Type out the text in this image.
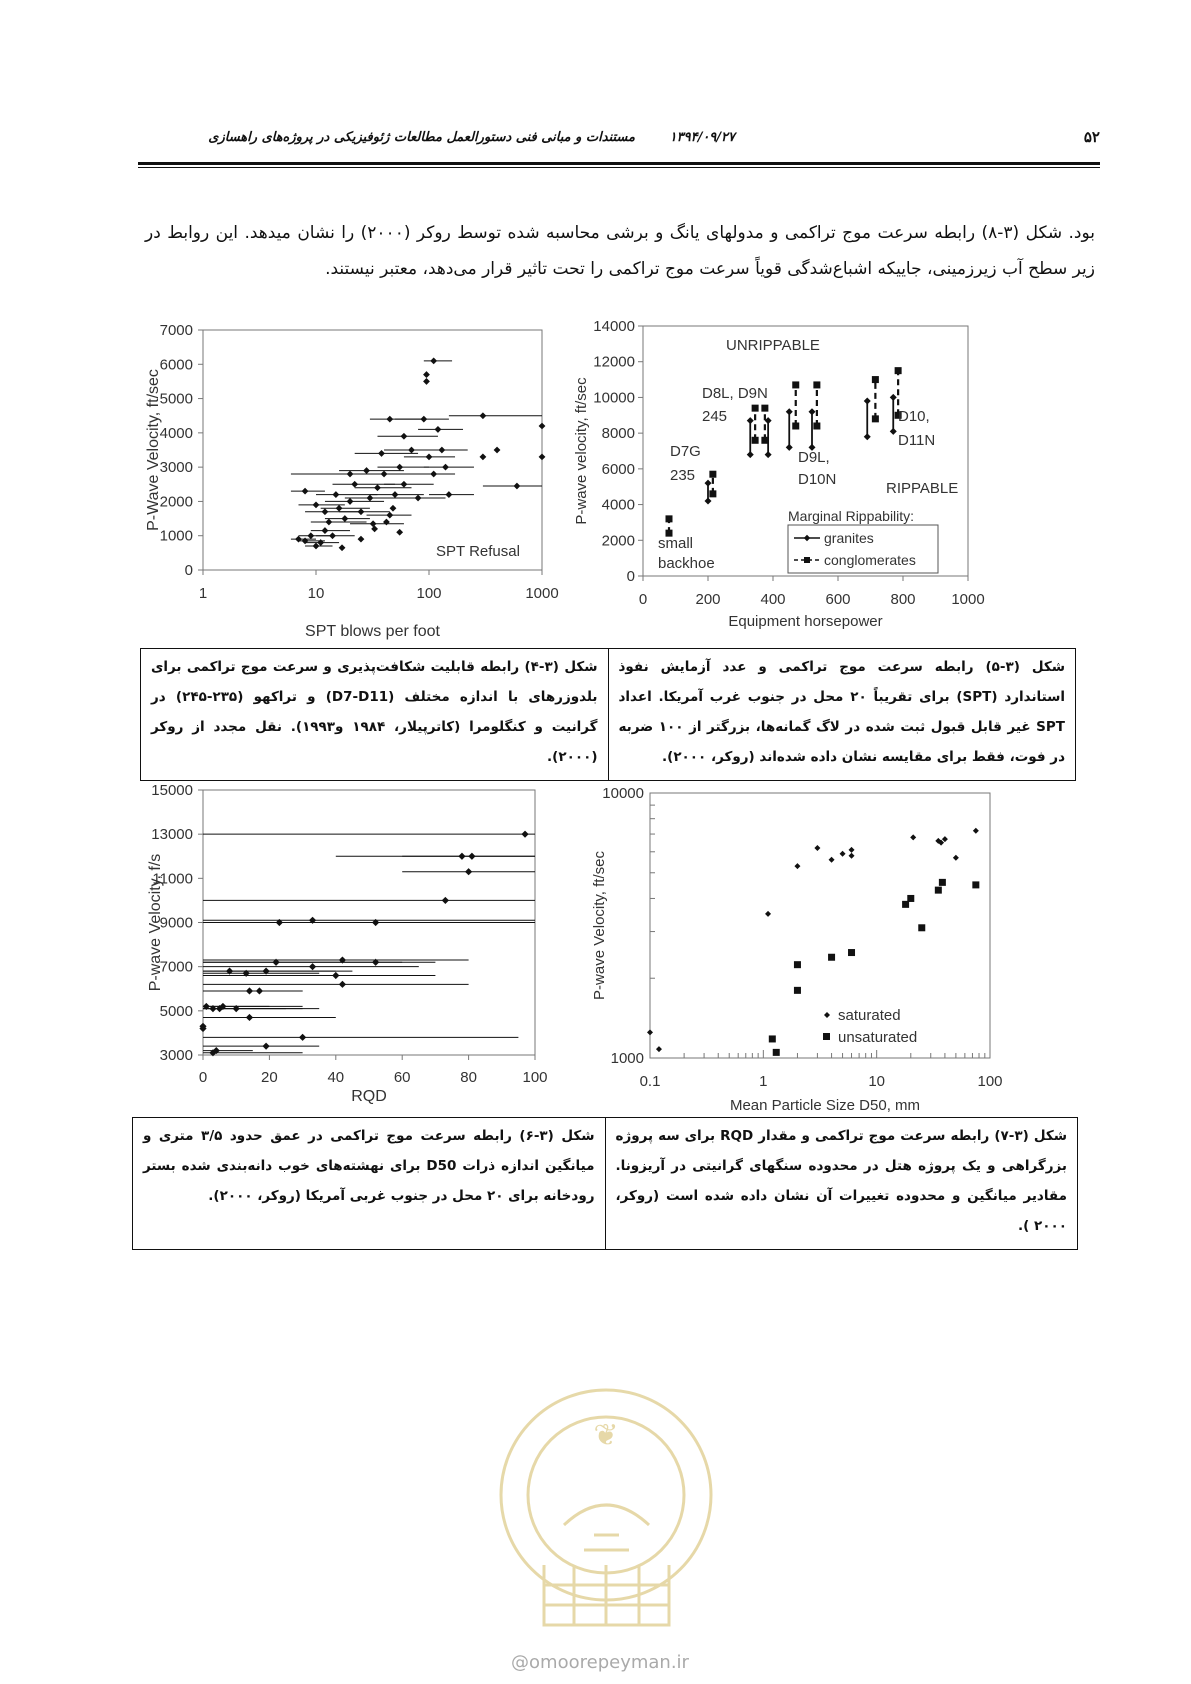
۵۲
۱۳۹۴/۰۹/۲۷
مستندات و مبانی فنی دستورالعمل مطالعات ژئوفیزیکی در پروژه‌های راهسازی
بود. شکل (۳-۸) رابطه سرعت موج تراکمی و مدولهای یانگ و برشی محاسبه شده توسط روکر (۲۰۰۰) را نشان میدهد. این روابط در زیر سطح آب زیرزمینی، جاییکه اشباع‌شدگی قویاً سرعت موج تراکمی را تحت تاثیر قرار می‌دهد، معتبر نیستند.
0
1000
2000
3000
4000
5000
6000
7000
1	10	100	1000
SPT blows per foot
P-Wave Velocity, ft/sec
SPT Refusal
0
2000
4000
6000
8000
10000
12000
14000
0	200	400	600	800 1000
Equipment horsepower
P-wave velocity, ft/sec
UNRIPPABLE
D8L, D9N
245
D7G
235
D9L,
D10N
D10,
D11N
RIPPABLE
small
backhoe
Marginal Rippability:
granites
conglomerates
شکل (۳-۴) رابطه قابلیت شکافت‌پذیری و سرعت موج تراکمی برای بلدوزرهای با اندازه مختلف (D7-D11) و تراکهو (۲۳۵-۲۴۵) در گرانیت و کنگلومرا (کاترپیلار، ۱۹۸۴ و۱۹۹۳). نقل مجدد از روکر (۲۰۰۰).	شکل (۳-۵) رابطه سرعت موج تراکمی و عدد آزمایش نفوذ استاندارد (SPT) برای تقریباً ۲۰ محل در جنوب غرب آمریکا. اعداد SPT غیر قابل قبول ثبت شده در لاگ گمانه‌ها، بزرگتر از ۱۰۰ ضربه در فوت، فقط برای مقایسه نشان داده شده‌اند (روکر، ۲۰۰۰).
3000
5000
7000
9000
11000
13000
15000
0	20	40	60	80	100
RQD
P-wave Velocity, f/s
1000
10000
0.1	1	10	100
Mean Particle Size D50, mm
P-wave Velocity, ft/sec
saturated
unsaturated
شکل (۳-۶) رابطه سرعت موج تراکمی در عمق حدود ۳/۵ متری و میانگین اندازه ذرات D50 برای نهشته‌های خوب دانه‌بندی شده بستر رودخانه برای ۲۰ محل در جنوب غربی آمریکا (روکر، ۲۰۰۰).	شکل (۳-۷) رابطه سرعت موج تراکمی و مقدار RQD برای سه پروژه بزرگراهی و یک پروژه هتل در محدوده سنگهای گرانیتی در آریزونا. مقادیر میانگین و محدوده تغییرات آن نشان داده شده است (روکر، ۲۰۰۰ ).
❦
@omoorepeyman.ir
